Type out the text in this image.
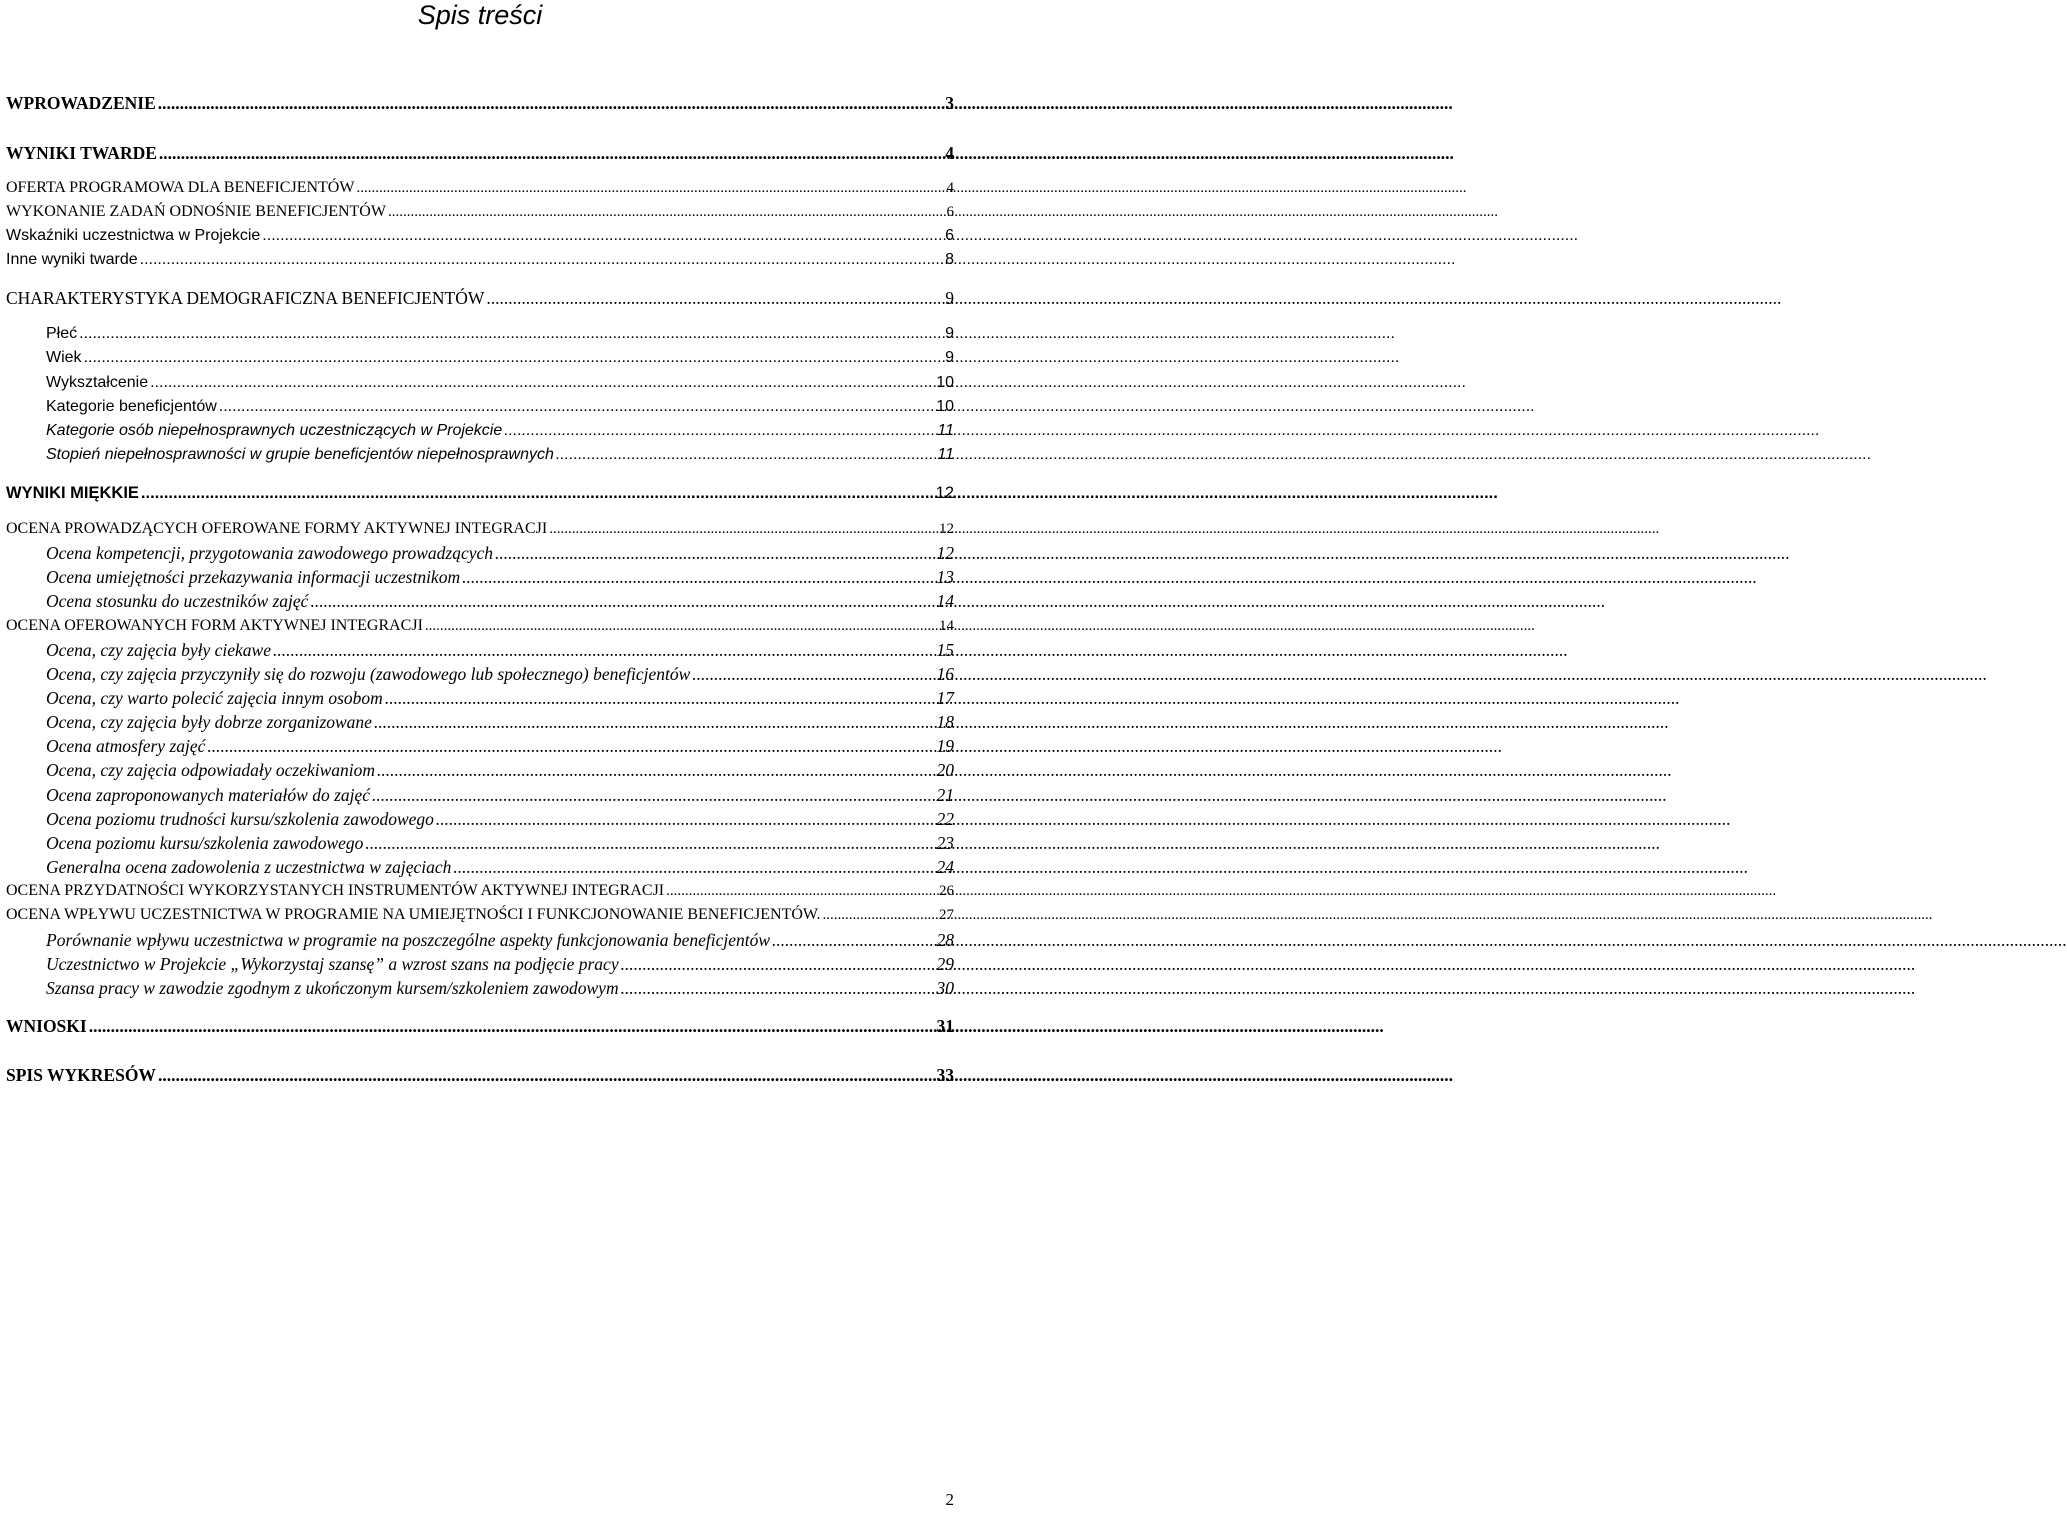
Spis treści
WPROWADZENIE .....	3
WYNIKI TWARDE .....	4
OFERTA PROGRAMOWA DLA BENEFICJENTÓW .....	4
WYKONANIE ZADAŃ ODNOŚNIE BENEFICJENTÓW .....	6
Wskaźniki uczestnictwa w Projekcie .....	6
Inne wyniki twarde .....	8
CHARAKTERYSTYKA DEMOGRAFICZNA BENEFICJENTÓW .....	9
Płeć .....	9
Wiek .....	9
Wykształcenie .....	10
Kategorie beneficjentów .....	10
Kategorie osób niepełnosprawnych uczestniczących w Projekcie .....	11
Stopień niepełnosprawności w grupie beneficjentów niepełnosprawnych .....	11
WYNIKI MIĘKKIE .....	12
OCENA PROWADZĄCYCH OFEROWANE FORMY AKTYWNEJ INTEGRACJI .....	12
Ocena kompetencji, przygotowania zawodowego prowadzących .....	12
Ocena umiejętności przekazywania informacji uczestnikom .....	13
Ocena stosunku do uczestników zajęć .....	14
OCENA OFEROWANYCH FORM AKTYWNEJ INTEGRACJI .....	14
Ocena, czy zajęcia były ciekawe .....	15
Ocena, czy zajęcia przyczyniły się do rozwoju (zawodowego lub społecznego) beneficjentów .....	16
Ocena, czy warto polecić zajęcia innym osobom .....	17
Ocena, czy zajęcia były dobrze zorganizowane .....	18
Ocena atmosfery zajęć .....	19
Ocena, czy zajęcia odpowiadały oczekiwaniom .....	20
Ocena zaproponowanych materiałów do zajęć .....	21
Ocena poziomu trudności kursu/szkolenia zawodowego .....	22
Ocena poziomu kursu/szkolenia zawodowego .....	23
Generalna ocena zadowolenia z uczestnictwa w zajęciach .....	24
OCENA PRZYDATNOŚCI WYKORZYSTANYCH INSTRUMENTÓW AKTYWNEJ INTEGRACJI .....	26
OCENA WPŁYWU UCZESTNICTWA W PROGRAMIE NA UMIEJĘTNOŚCI I FUNKCJONOWANIE BENEFICJENTÓW. .....	27
Porównanie wpływu uczestnictwa w programie na poszczególne aspekty funkcjonowania beneficjentów .....	28
Uczestnictwo w Projekcie „Wykorzystaj szansę” a wzrost szans na podjęcie pracy .....	29
Szansa pracy w zawodzie zgodnym z ukończonym kursem/szkoleniem zawodowym .....	30
WNIOSKI .....	31
SPIS WYKRESÓW .....	33
2
